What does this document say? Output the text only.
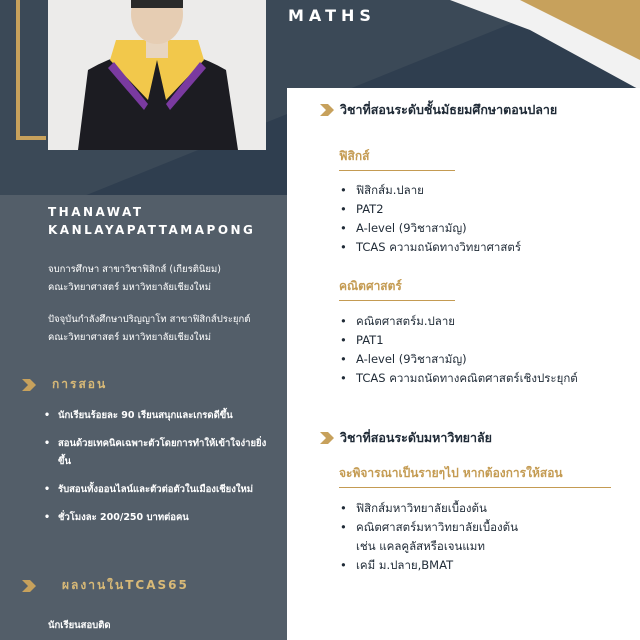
MATHS
THANAWAT
KANLAYAPATTAMAPONG
จบการศึกษา สาขาวิชาฟิสิกส์ (เกียรตินิยม)
คณะวิทยาศาสตร์ มหาวิทยาลัยเชียงใหม่
ปัจจุบันกำลังศึกษาปริญญาโท สาขาฟิสิกส์ประยุกต์
คณะวิทยาศาสตร์ มหาวิทยาลัยเชียงใหม่
การสอน
• นักเรียนร้อยละ 90 เรียนสนุกและเกรดดีขึ้น
• สอนด้วยเทคนิคเฉพาะตัวโดยการทำให้เข้าใจง่ายยิ่งขึ้น
• รับสอนทั้งออนไลน์และตัวต่อตัวในเมืองเชียงใหม่
• ชั่วโมงละ 200/250 บาทต่อคน
ผลงานในTCAS65
นักเรียนสอบติด
วิชาที่สอนระดับชั้นมัธยมศึกษาตอนปลาย
ฟิสิกส์
• ฟิสิกส์ม.ปลาย
• PAT2
• A-level (9วิชาสามัญ)
• TCAS ความถนัดทางวิทยาศาสตร์
คณิตศาสตร์
• คณิตศาสตร์ม.ปลาย
• PAT1
• A-level (9วิชาสามัญ)
• TCAS ความถนัดทางคณิตศาสตร์เชิงประยุกต์
วิชาที่สอนระดับมหาวิทยาลัย
จะพิจารณาเป็นรายๆไป หากต้องการให้สอน
• ฟิสิกส์มหาวิทยาลัยเบื้องต้น
• คณิตศาสตร์มหาวิทยาลัยเบื้องต้น
เช่น แคลคูลัสหรือเจนแมท
• เคมี ม.ปลาย,BMAT
